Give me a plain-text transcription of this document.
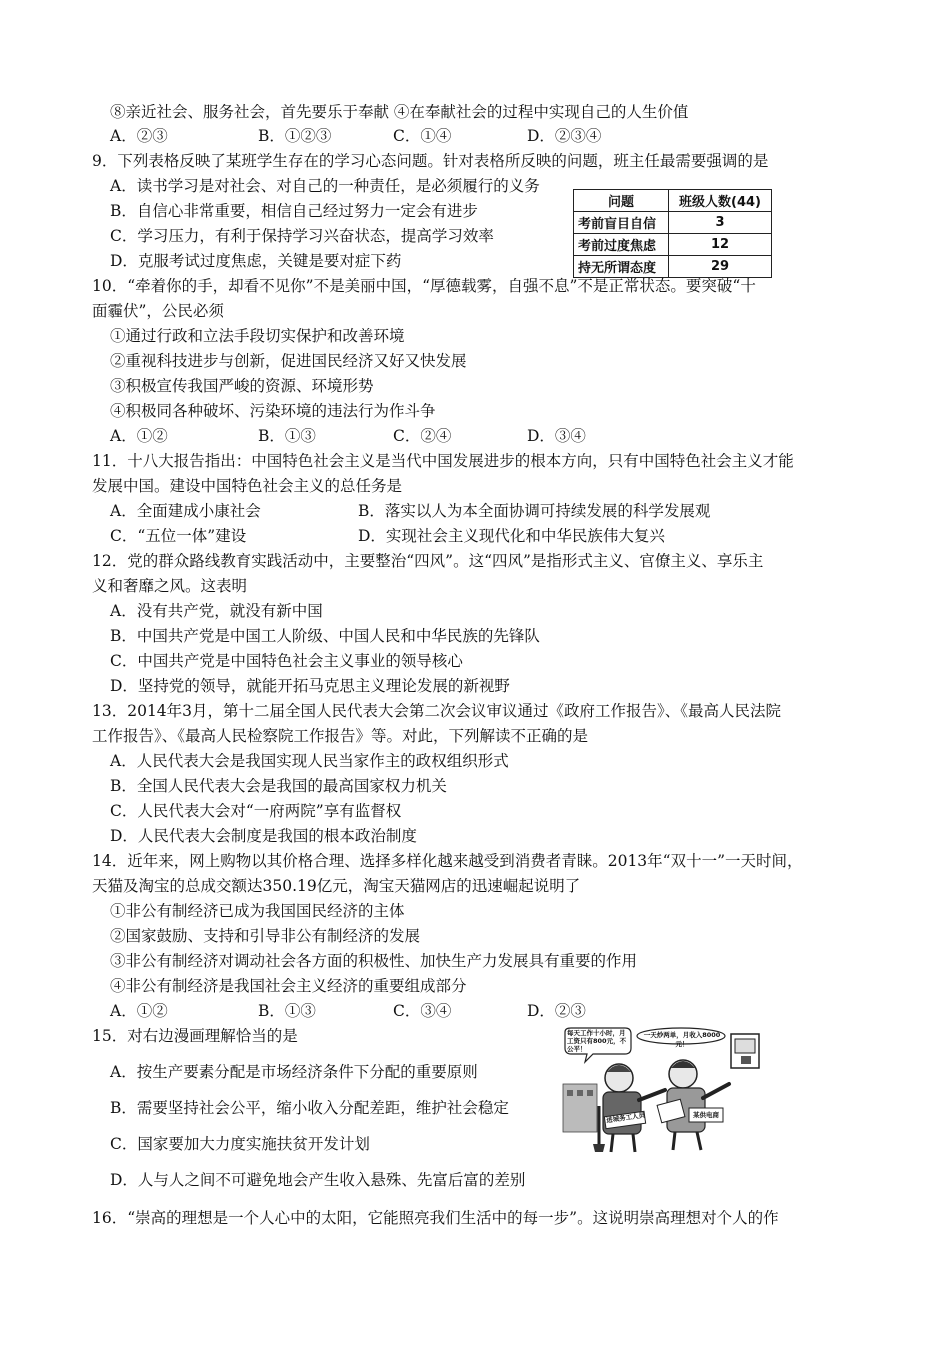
⑧亲近社会、服务社会，首先要乐于奉献 ④在奉献社会的过程中实现自己的人生价值
A．②③	B．①②③	C．①④	D．②③④
9．下列表格反映了某班学生存在的学习心态问题。针对表格所反映的问题，班主任最需要强调的是
A．读书学习是对社会、对自己的一种责任，是必须履行的义务
B．自信心非常重要，相信自己经过努力一定会有进步
C．学习压力，有利于保持学习兴奋状态，提高学习效率
D．克服考试过度焦虑，关键是要对症下药
问题	班级人数(44)
考前盲目自信	3
考前过度焦虑	12
持无所谓态度	29
10．“牵着你的手，却看不见你”不是美丽中国，“厚德载雾，自强不息”不是正常状态。要突破“十
面霾伏”，公民必须
①通过行政和立法手段切实保护和改善环境
②重视科技进步与创新，促进国民经济又好又快发展
③积极宣传我国严峻的资源、环境形势
④积极同各种破坏、污染环境的违法行为作斗争
A．①②	B．①③	C．②④	D．③④
11．十八大报告指出：中国特色社会主义是当代中国发展进步的根本方向，只有中国特色社会主义才能
发展中国。建设中国特色社会主义的总任务是
A．全面建成小康社会	B．落实以人为本全面协调可持续发展的科学发展观
C．“五位一体”建设	D．实现社会主义现代化和中华民族伟大复兴
12．党的群众路线教育实践活动中，主要整治“四风”。这“四风”是指形式主义、官僚主义、享乐主
义和奢靡之风。这表明
A．没有共产党，就没有新中国
B．中国共产党是中国工人阶级、中国人民和中华民族的先锋队
C．中国共产党是中国特色社会主义事业的领导核心
D．坚持党的领导，就能开拓马克思主义理论发展的新视野
13．2014年3月，第十二届全国人民代表大会第二次会议审议通过《政府工作报告》、《最高人民法院
工作报告》、《最高人民检察院工作报告》等。对此，下列解读不正确的是
A．人民代表大会是我国实现人民当家作主的政权组织形式
B．全国人民代表大会是我国的最高国家权力机关
C．人民代表大会对“一府两院”享有监督权
D．人民代表大会制度是我国的根本政治制度
14．近年来，网上购物以其价格合理、选择多样化越来越受到消费者青睐。2013年“双十一”一天时间，
天猫及淘宝的总成交额达350.19亿元，淘宝天猫网店的迅速崛起说明了
①非公有制经济已成为我国国民经济的主体
②国家鼓励、支持和引导非公有制经济的发展
③非公有制经济对调动社会各方面的积极性、加快生产力发展具有重要的作用
④非公有制经济是我国社会主义经济的重要组成部分
A．①②	B．①③	C．③④	D．②③
15．对右边漫画理解恰当的是
A．按生产要素分配是市场经济条件下分配的重要原则
B．需要坚持社会公平，缩小收入分配差距，维护社会稳定
C．国家要加大力度实施扶贫开发计划
D．人与人之间不可避免地会产生收入悬殊、先富后富的差别
每天工作十小时，月工资只有800元，不公平！
一天炒两单，月收入8000元！
进城务工人员	某供电商
16．“崇高的理想是一个人心中的太阳，它能照亮我们生活中的每一步”。这说明崇高理想对个人的作
